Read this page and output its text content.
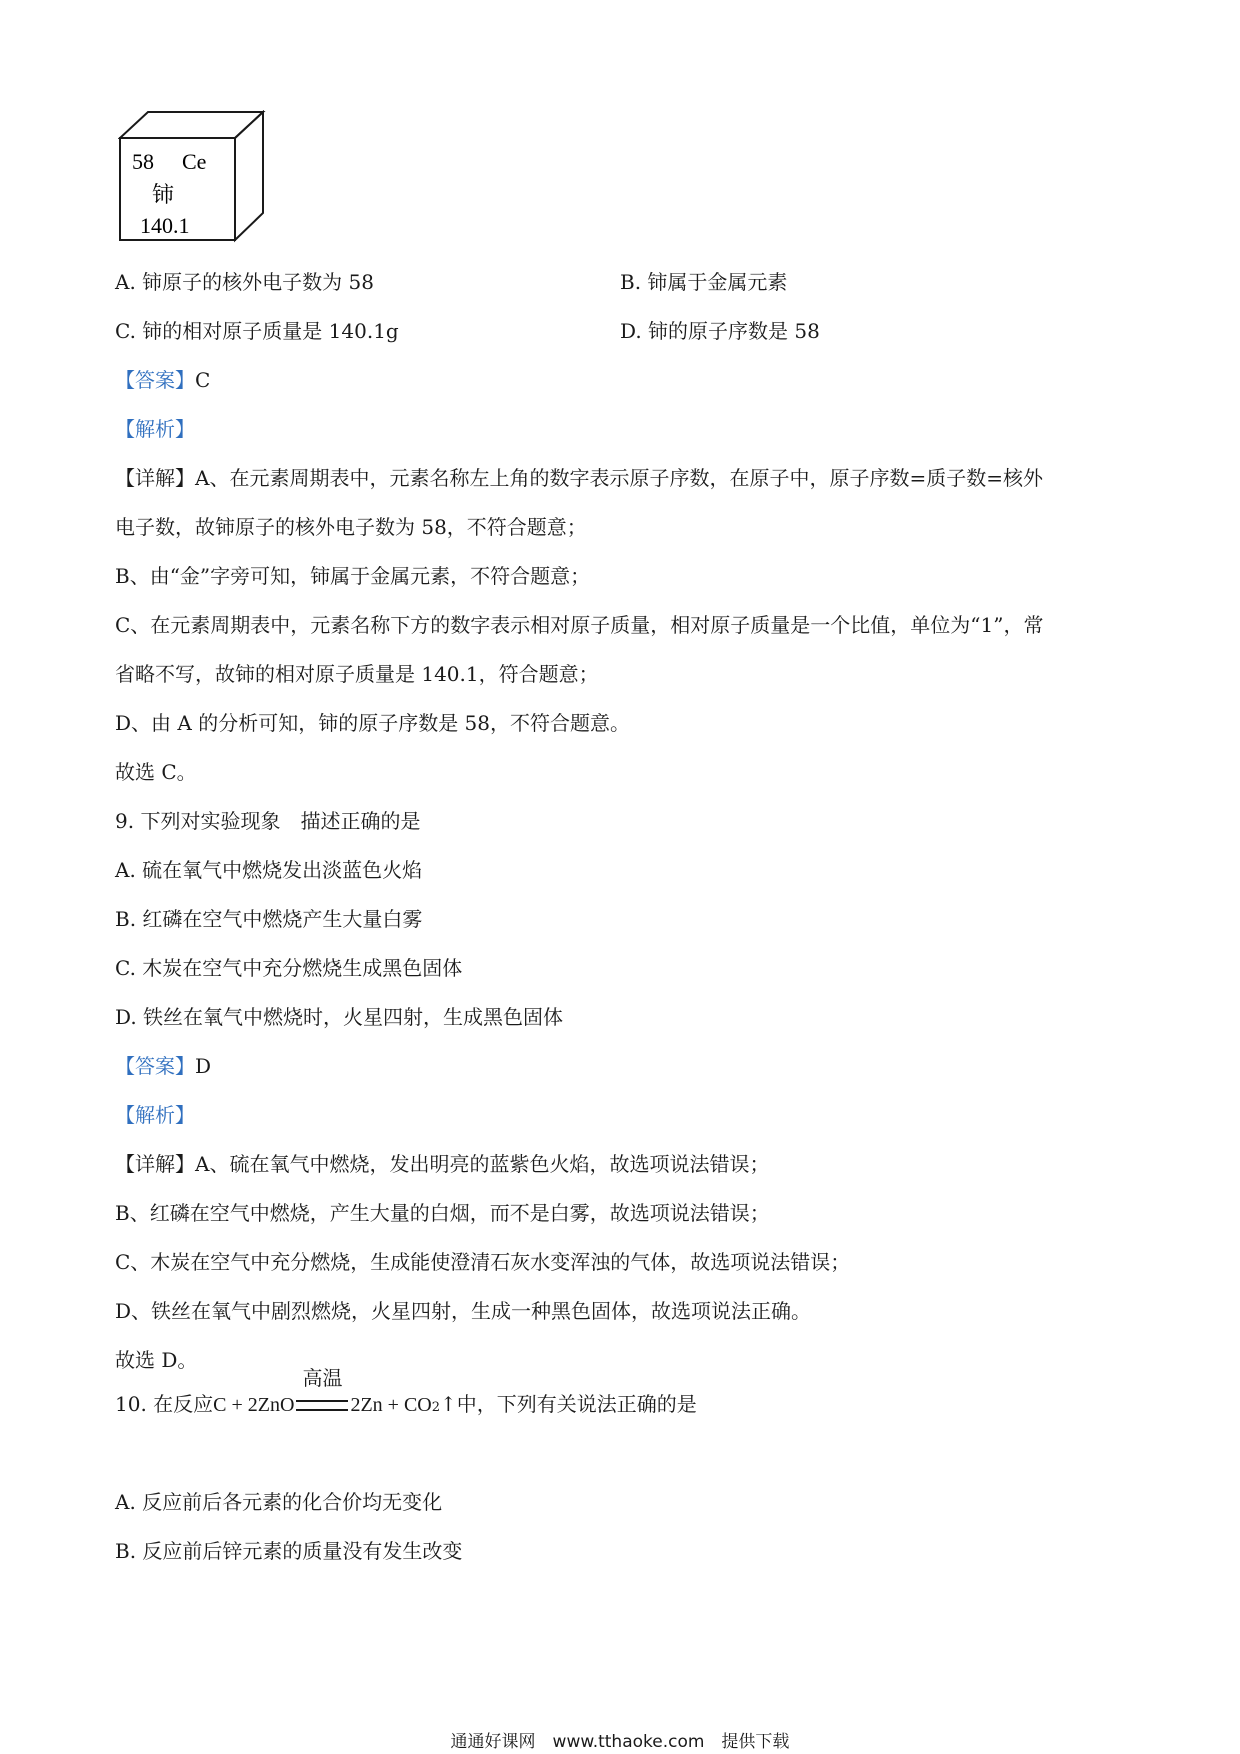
58 Ce
铈
140.1
A. 铈原子的核外电子数为 58	B. 铈属于金属元素
C. 铈的相对原子质量是 140.1g	D. 铈的原子序数是 58
【答案】C
【解析】
【详解】A、在元素周期表中，元素名称左上角的数字表示原子序数，在原子中，原子序数=质子数=核外
电子数，故铈原子的核外电子数为 58，不符合题意；
B、由“金”字旁可知，铈属于金属元素，不符合题意；
C、在元素周期表中，元素名称下方的数字表示相对原子质量，相对原子质量是一个比值，单位为“1”，常
省略不写，故铈的相对原子质量是 140.1，符合题意；
D、由 A 的分析可知，铈的原子序数是 58，不符合题意。
故选 C。
9. 下列对实验现象　描述正确的是
A. 硫在氧气中燃烧发出淡蓝色火焰
B. 红磷在空气中燃烧产生大量白雾
C. 木炭在空气中充分燃烧生成黑色固体
D. 铁丝在氧气中燃烧时，火星四射，生成黑色固体
【答案】D
【解析】
【详解】A、硫在氧气中燃烧，发出明亮的蓝紫色火焰，故选项说法错误；
B、红磷在空气中燃烧，产生大量的白烟，而不是白雾，故选项说法错误；
C、木炭在空气中充分燃烧，生成能使澄清石灰水变浑浊的气体，故选项说法错误；
D、铁丝在氧气中剧烈燃烧，火星四射，生成一种黑色固体，故选项说法正确。
故选 D。
10. 在反应C + 2ZnO
高温
2Zn + CO2↑中，下列有关说法正确的是
A. 反应前后各元素的化合价均无变化
B. 反应前后锌元素的质量没有发生改变
通通好课网　www.tthaoke.com　提供下载
